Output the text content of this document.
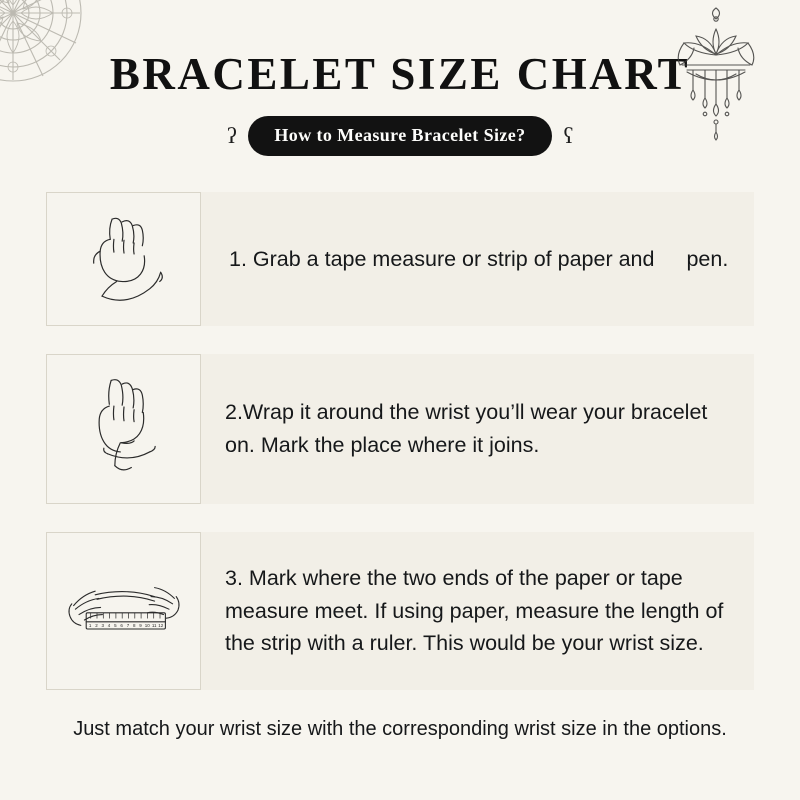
BRACELET SIZE CHART
ʕ	How to Measure Bracelet Size?	ʕ
1. Grab a tape measure or strip of paper and pen.
2.Wrap it around the wrist you’ll wear your bracelet on. Mark the place where it joins.
1 2 3 4 5 6 7 8 9 10 11 12
3. Mark where the two ends of the paper or tape measure meet. If using paper, measure the length of the strip with a ruler. This would be your wrist size.
Just match your wrist size with the corresponding wrist size in the options.
